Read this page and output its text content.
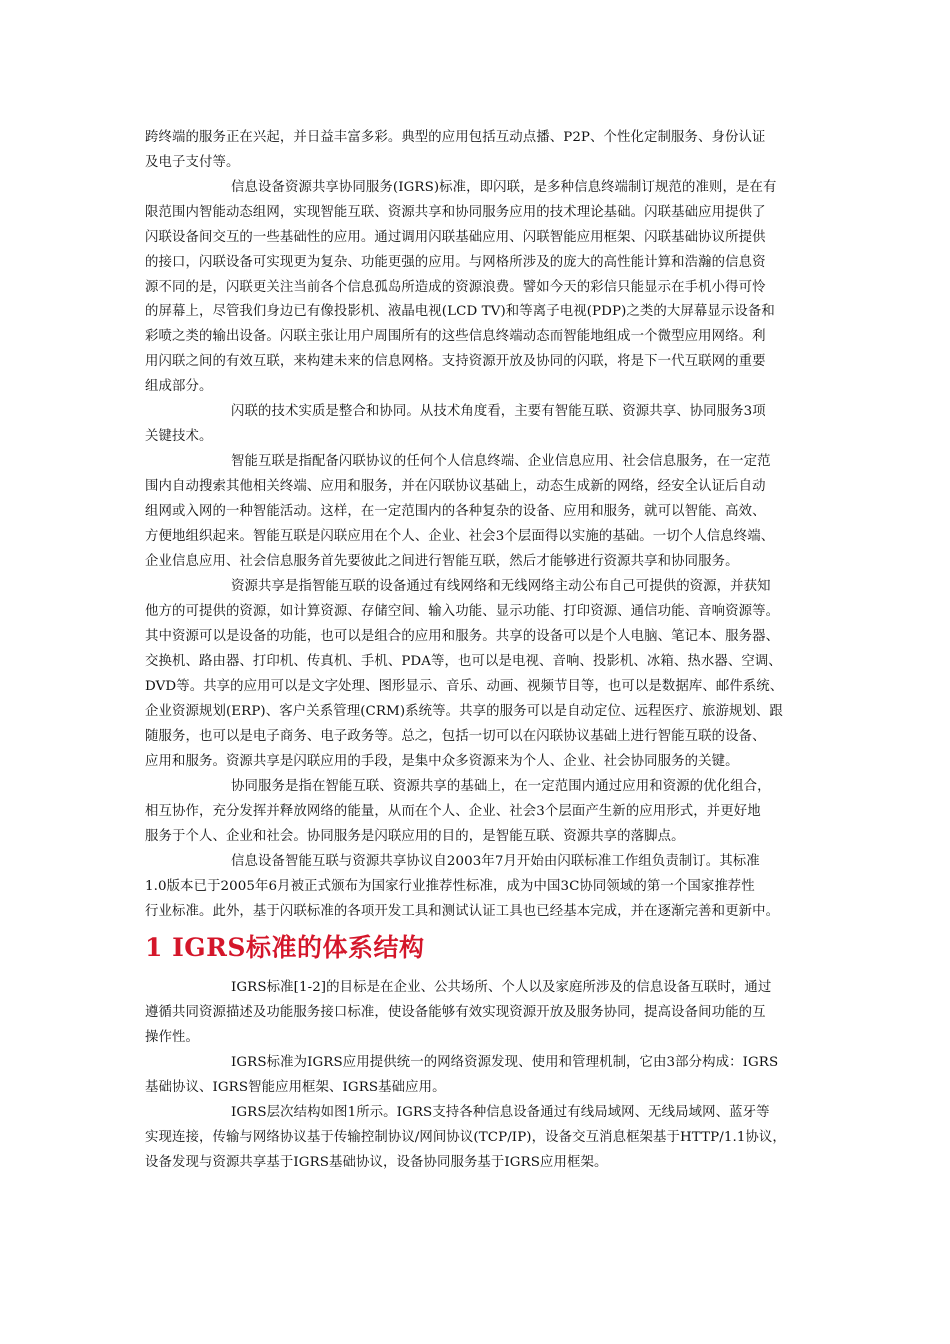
跨终端的服务正在兴起，并日益丰富多彩。典型的应用包括互动点播、P2P、个性化定制服务、身份认证
及电子支付等。
信息设备资源共享协同服务(IGRS)标准，即闪联，是多种信息终端制订规范的准则，是在有
限范围内智能动态组网，实现智能互联、资源共享和协同服务应用的技术理论基础。闪联基础应用提供了
闪联设备间交互的一些基础性的应用。通过调用闪联基础应用、闪联智能应用框架、闪联基础协议所提供
的接口，闪联设备可实现更为复杂、功能更强的应用。与网格所涉及的庞大的高性能计算和浩瀚的信息资
源不同的是，闪联更关注当前各个信息孤岛所造成的资源浪费。譬如今天的彩信只能显示在手机小得可怜
的屏幕上，尽管我们身边已有像投影机、液晶电视(LCD TV)和等离子电视(PDP)之类的大屏幕显示设备和
彩喷之类的输出设备。闪联主张让用户周围所有的这些信息终端动态而智能地组成一个微型应用网络。利
用闪联之间的有效互联，来构建未来的信息网格。支持资源开放及协同的闪联，将是下一代互联网的重要
组成部分。
闪联的技术实质是整合和协同。从技术角度看，主要有智能互联、资源共享、协同服务3项
关键技术。
智能互联是指配备闪联协议的任何个人信息终端、企业信息应用、社会信息服务，在一定范
围内自动搜索其他相关终端、应用和服务，并在闪联协议基础上，动态生成新的网络，经安全认证后自动
组网或入网的一种智能活动。这样，在一定范围内的各种复杂的设备、应用和服务，就可以智能、高效、
方便地组织起来。智能互联是闪联应用在个人、企业、社会3个层面得以实施的基础。一切个人信息终端、
企业信息应用、社会信息服务首先要彼此之间进行智能互联，然后才能够进行资源共享和协同服务。
资源共享是指智能互联的设备通过有线网络和无线网络主动公布自己可提供的资源，并获知
他方的可提供的资源，如计算资源、存储空间、输入功能、显示功能、打印资源、通信功能、音响资源等。
其中资源可以是设备的功能，也可以是组合的应用和服务。共享的设备可以是个人电脑、笔记本、服务器、
交换机、路由器、打印机、传真机、手机、PDA等，也可以是电视、音响、投影机、冰箱、热水器、空调、
DVD等。共享的应用可以是文字处理、图形显示、音乐、动画、视频节目等，也可以是数据库、邮件系统、
企业资源规划(ERP)、客户关系管理(CRM)系统等。共享的服务可以是自动定位、远程医疗、旅游规划、跟
随服务，也可以是电子商务、电子政务等。总之，包括一切可以在闪联协议基础上进行智能互联的设备、
应用和服务。资源共享是闪联应用的手段，是集中众多资源来为个人、企业、社会协同服务的关键。
协同服务是指在智能互联、资源共享的基础上，在一定范围内通过应用和资源的优化组合，
相互协作，充分发挥并释放网络的能量，从而在个人、企业、社会3个层面产生新的应用形式，并更好地
服务于个人、企业和社会。协同服务是闪联应用的目的，是智能互联、资源共享的落脚点。
信息设备智能互联与资源共享协议自2003年7月开始由闪联标准工作组负责制订。其标准
1.0版本已于2005年6月被正式颁布为国家行业推荐性标准，成为中国3C协同领域的第一个国家推荐性
行业标准。此外，基于闪联标准的各项开发工具和测试认证工具也已经基本完成，并在逐渐完善和更新中。
1 IGRS标准的体系结构
IGRS标准[1-2]的目标是在企业、公共场所、个人以及家庭所涉及的信息设备互联时，通过
遵循共同资源描述及功能服务接口标准，使设备能够有效实现资源开放及服务协同，提高设备间功能的互
操作性。
IGRS标准为IGRS应用提供统一的网络资源发现、使用和管理机制，它由3部分构成：IGRS
基础协议、IGRS智能应用框架、IGRS基础应用。
IGRS层次结构如图1所示。IGRS支持各种信息设备通过有线局域网、无线局域网、蓝牙等
实现连接，传输与网络协议基于传输控制协议/网间协议(TCP/IP)，设备交互消息框架基于HTTP/1.1协议，
设备发现与资源共享基于IGRS基础协议，设备协同服务基于IGRS应用框架。
